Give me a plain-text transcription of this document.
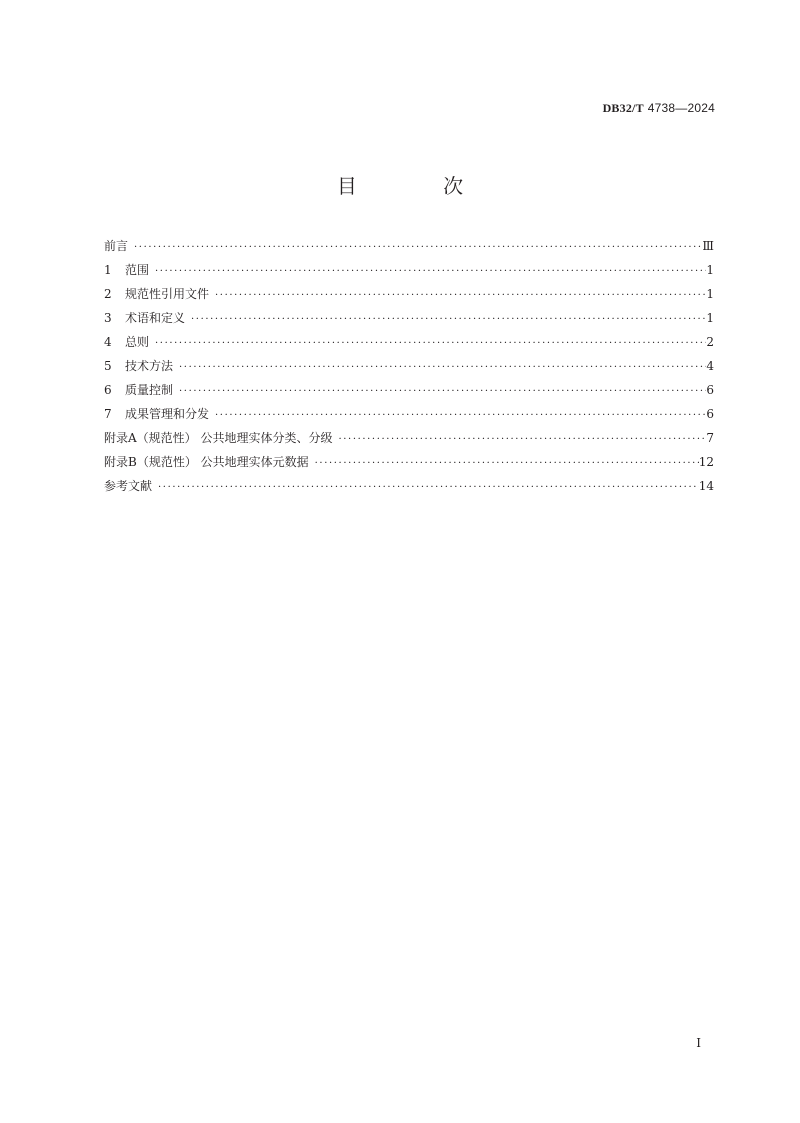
DB32/T 4738—2024
目 次
前言 ·····	Ⅲ
1 范围 ·····	1
2 规范性引用文件 ·····	1
3 术语和定义 ·····	1
4 总则 ·····	2
5 技术方法 ·····	4
6 质量控制 ·····	6
7 成果管理和分发 ·····	6
附录A（规范性） 公共地理实体分类、分级 ·····	7
附录B（规范性） 公共地理实体元数据 ·····	12
参考文献 ·····	14
I
